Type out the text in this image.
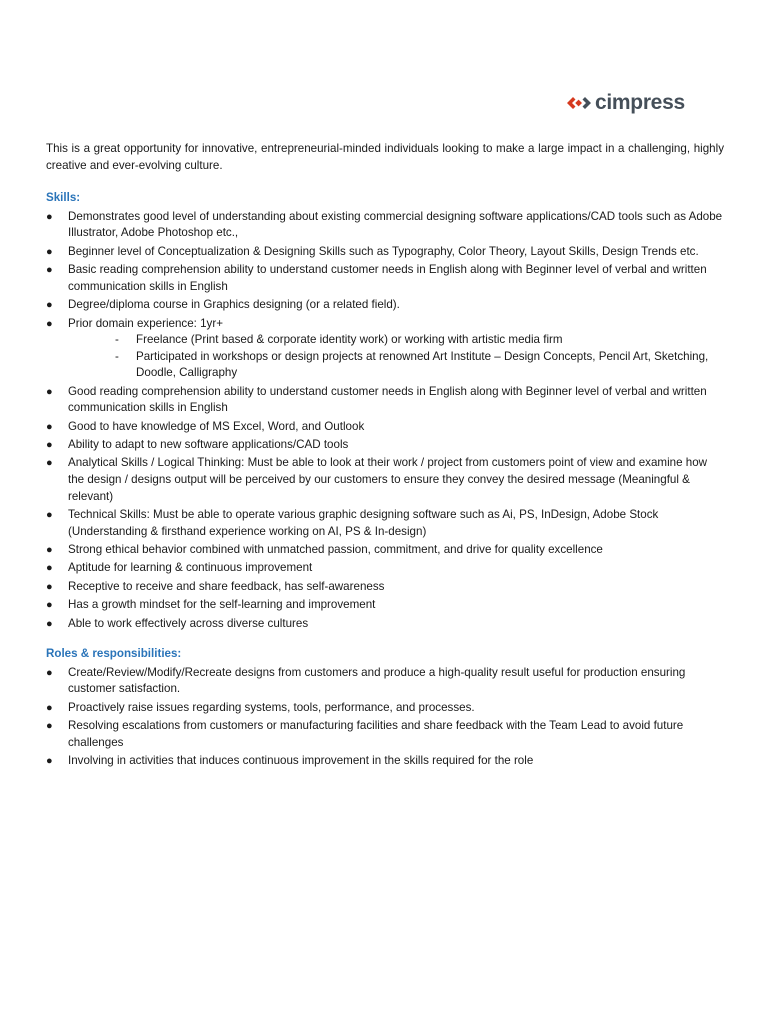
cimpress

This is a great opportunity for innovative, entrepreneurial-minded individuals looking to make a large impact in a challenging, highly creative and ever-evolving culture.

Skills:
● Demonstrates good level of understanding about existing commercial designing software applications/CAD tools such as Adobe Illustrator, Adobe Photoshop etc.,
● Beginner level of Conceptualization & Designing Skills such as Typography, Color Theory, Layout Skills, Design Trends etc.
● Basic reading comprehension ability to understand customer needs in English along with Beginner level of verbal and written communication skills in English
● Degree/diploma course in Graphics designing (or a related field).
● Prior domain experience: 1yr+
- Freelance (Print based & corporate identity work) or working with artistic media firm
- Participated in workshops or design projects at renowned Art Institute – Design Concepts, Pencil Art, Sketching, Doodle, Calligraphy
● Good reading comprehension ability to understand customer needs in English along with Beginner level of verbal and written communication skills in English
● Good to have knowledge of MS Excel, Word, and Outlook
● Ability to adapt to new software applications/CAD tools
● Analytical Skills / Logical Thinking: Must be able to look at their work / project from customers point of view and examine how the design / designs output will be perceived by our customers to ensure they convey the desired message (Meaningful & relevant)
● Technical Skills: Must be able to operate various graphic designing software such as Ai, PS, InDesign, Adobe Stock (Understanding & firsthand experience working on AI, PS & In-design)
● Strong ethical behavior combined with unmatched passion, commitment, and drive for quality excellence
● Aptitude for learning & continuous improvement
● Receptive to receive and share feedback, has self-awareness
● Has a growth mindset for the self-learning and improvement
● Able to work effectively across diverse cultures
Roles & responsibilities:
● Create/Review/Modify/Recreate designs from customers and produce a high-quality result useful for production ensuring customer satisfaction.
● Proactively raise issues regarding systems, tools, performance, and processes.
● Resolving escalations from customers or manufacturing facilities and share feedback with the Team Lead to avoid future challenges
● Involving in activities that induces continuous improvement in the skills required for the role
